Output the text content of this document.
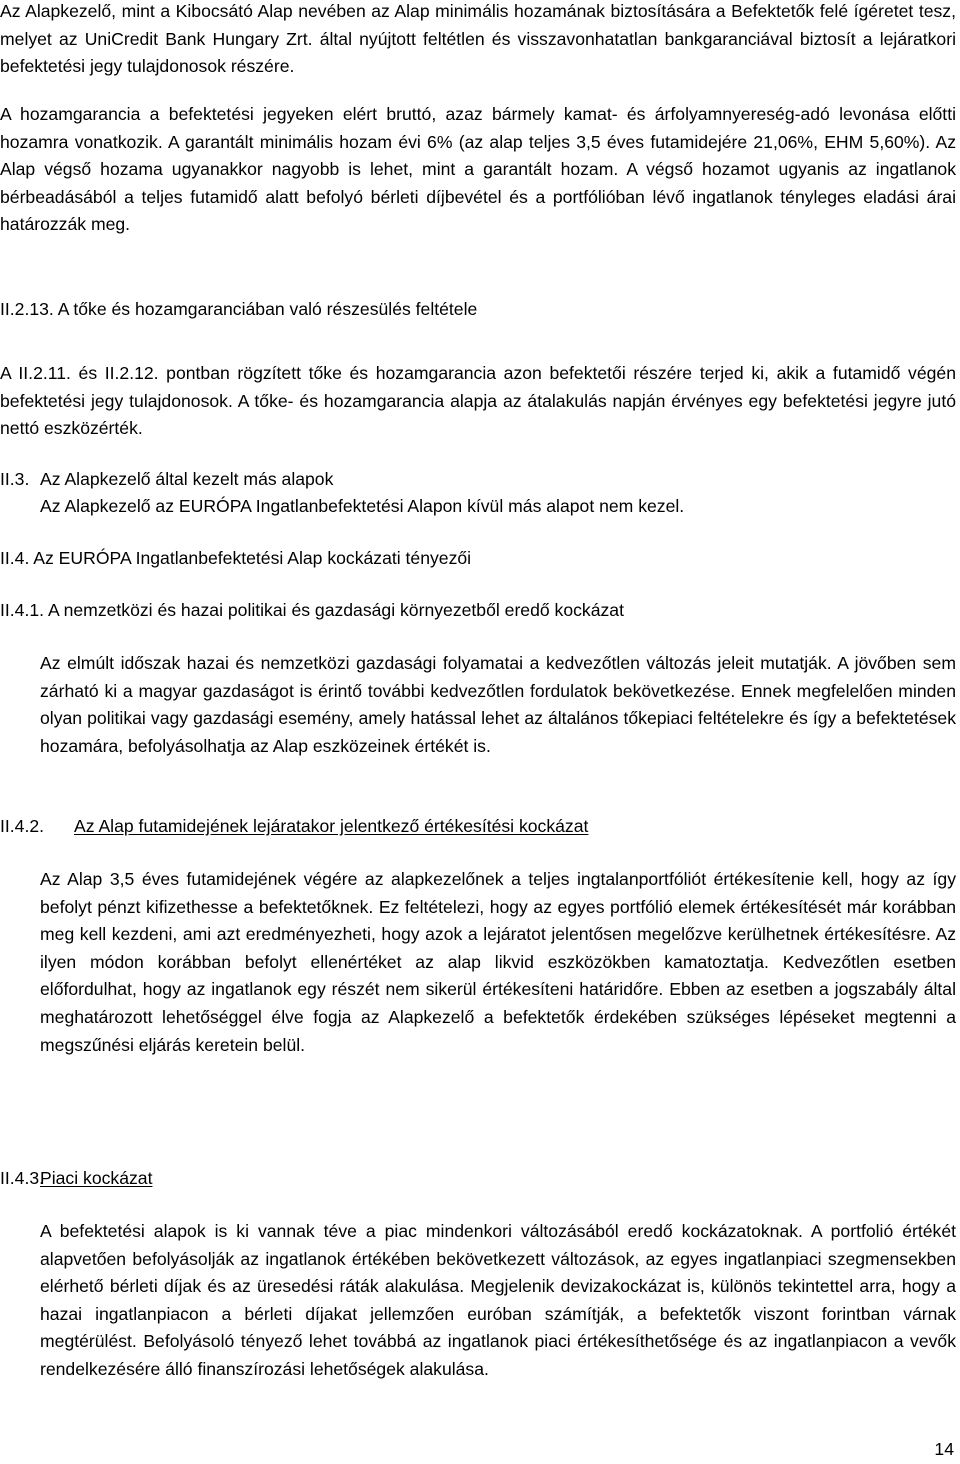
Az Alapkezelő, mint a Kibocsátó Alap nevében az Alap minimális hozamának biztosítására a Befektetők felé ígéretet tesz, melyet az UniCredit Bank Hungary Zrt. által nyújtott feltétlen és visszavonhatatlan bankgaranciával biztosít a lejáratkori befektetési jegy tulajdonosok részére.

A hozamgarancia a befektetési jegyeken elért bruttó, azaz bármely kamat- és árfolyamnyereség-adó levonása előtti hozamra vonatkozik. A garantált minimális hozam évi 6% (az alap teljes 3,5 éves futamidejére 21,06%, EHM 5,60%). Az Alap végső hozama ugyanakkor nagyobb is lehet, mint a garantált hozam. A végső hozamot ugyanis az ingatlanok bérbeadásából a teljes futamidő alatt befolyó bérleti díjbevétel és a portfólióban lévő ingatlanok tényleges eladási árai határozzák meg.

II.2.13. A tőke és hozamgaranciában való részesülés feltétele

A II.2.11. és II.2.12. pontban rögzített tőke és hozamgarancia azon befektetői részére terjed ki, akik a futamidő végén befektetési jegy tulajdonosok. A tőke- és hozamgarancia alapja az átalakulás napján érvényes egy befektetési jegyre jutó nettó eszközérték.

II.3. Az Alapkezelő által kezelt más alapok

Az Alapkezelő az EURÓPA Ingatlanbefektetési Alapon kívül más alapot nem kezel.

II.4. Az EURÓPA Ingatlanbefektetési Alap kockázati tényezői
II.4.1. A nemzetközi és hazai politikai és gazdasági környezetből eredő kockázat

Az elmúlt időszak hazai és nemzetközi gazdasági folyamatai a kedvezőtlen változás jeleit mutatják. A jövőben sem zárható ki a magyar gazdaságot is érintő további kedvezőtlen fordulatok bekövetkezése. Ennek megfelelően minden olyan politikai vagy gazdasági esemény, amely hatással lehet az általános tőkepiaci feltételekre és így a befektetések hozamára, befolyásolhatja az Alap eszközeinek értékét is.

II.4.2. Az Alap futamidejének lejáratakor jelentkező értékesítési kockázat

Az Alap 3,5 éves futamidejének végére az alapkezelőnek a teljes ingtalanportfóliót értékesítenie kell, hogy az így befolyt pénzt kifizethesse a befektetőknek. Ez feltételezi, hogy az egyes portfólió elemek értékesítését már korábban meg kell kezdeni, ami azt eredményezheti, hogy azok a lejáratot jelentősen megelőzve kerülhetnek értékesítésre. Az ilyen módon korábban befolyt ellenértéket az alap likvid eszközökben kamatoztatja. Kedvezőtlen esetben előfordulhat, hogy az ingatlanok egy részét nem sikerül értékesíteni határidőre. Ebben az esetben a jogszabály által meghatározott lehetőséggel élve fogja az Alapkezelő a befektetők érdekében szükséges lépéseket megtenni a megszűnési eljárás keretein belül.

II.4.3.Piaci kockázat

A befektetési alapok is ki vannak téve a piac mindenkori változásából eredő kockázatoknak. A portfolió értékét alapvetően befolyásolják az ingatlanok értékében bekövetkezett változások, az egyes ingatlanpiaci szegmensekben elérhető bérleti díjak és az üresedési ráták alakulása. Megjelenik devizakockázat is, különös tekintettel arra, hogy a hazai ingatlanpiacon a bérleti díjakat jellemzően euróban számítják, a befektetők viszont forintban várnak megtérülést. Befolyásoló tényező lehet továbbá az ingatlanok piaci értékesíthetősége és az ingatlanpiacon a vevők rendelkezésére álló finanszírozási lehetőségek alakulása.

14
